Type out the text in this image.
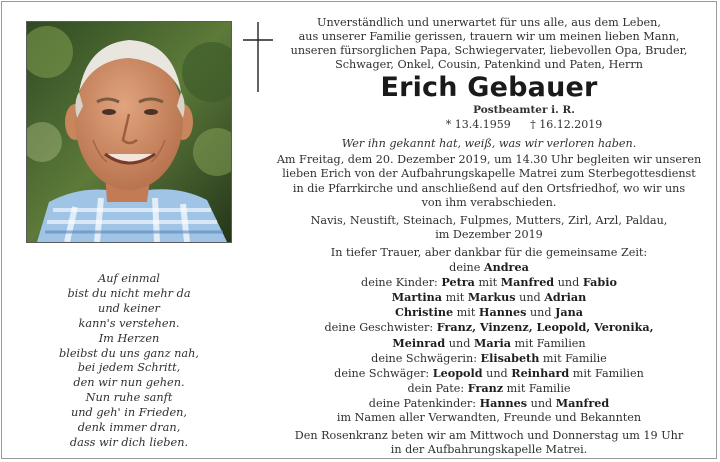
Auf einmal
bist du nicht mehr da
und keiner
kann's verstehen.
Im Herzen
bleibst du uns ganz nah,
bei jedem Schritt,
den wir nun gehen.
Nun ruhe sanft
und geh' in Frieden,
denk immer dran,
dass wir dich lieben.
Unverständlich und unerwartet für uns alle, aus dem Leben,
aus unserer Familie gerissen, trauern wir um meinen lieben Mann,
unseren fürsorglichen Papa, Schwiegervater, liebevollen Opa, Bruder,
Schwager, Onkel, Cousin, Patenkind und Paten, Herrn
Erich Gebauer
Postbeamter i. R.
* 13.4.1959 † 16.12.2019
Wer ihn gekannt hat, weiß, was wir verloren haben.
Am Freitag, dem 20. Dezember 2019, um 14.30 Uhr begleiten wir unseren
lieben Erich von der Aufbahrungskapelle Matrei zum Sterbegottesdienst
in die Pfarrkirche und anschließend auf den Ortsfriedhof, wo wir uns
von ihm verabschieden.
Navis, Neustift, Steinach, Fulpmes, Mutters, Zirl, Arzl, Paldau,
im Dezember 2019
In tiefer Trauer, aber dankbar für die gemeinsame Zeit:
deine Andrea
deine Kinder: Petra mit Manfred und Fabio
Martina mit Markus und Adrian
Christine mit Hannes und Jana
deine Geschwister: Franz, Vinzenz, Leopold, Veronika,
Meinrad und Maria mit Familien
deine Schwägerin: Elisabeth mit Familie
deine Schwäger: Leopold und Reinhard mit Familien
dein Pate: Franz mit Familie
deine Patenkinder: Hannes und Manfred
im Namen aller Verwandten, Freunde und Bekannten
Den Rosenkranz beten wir am Mittwoch und Donnerstag um 19 Uhr
in der Aufbahrungskapelle Matrei.
